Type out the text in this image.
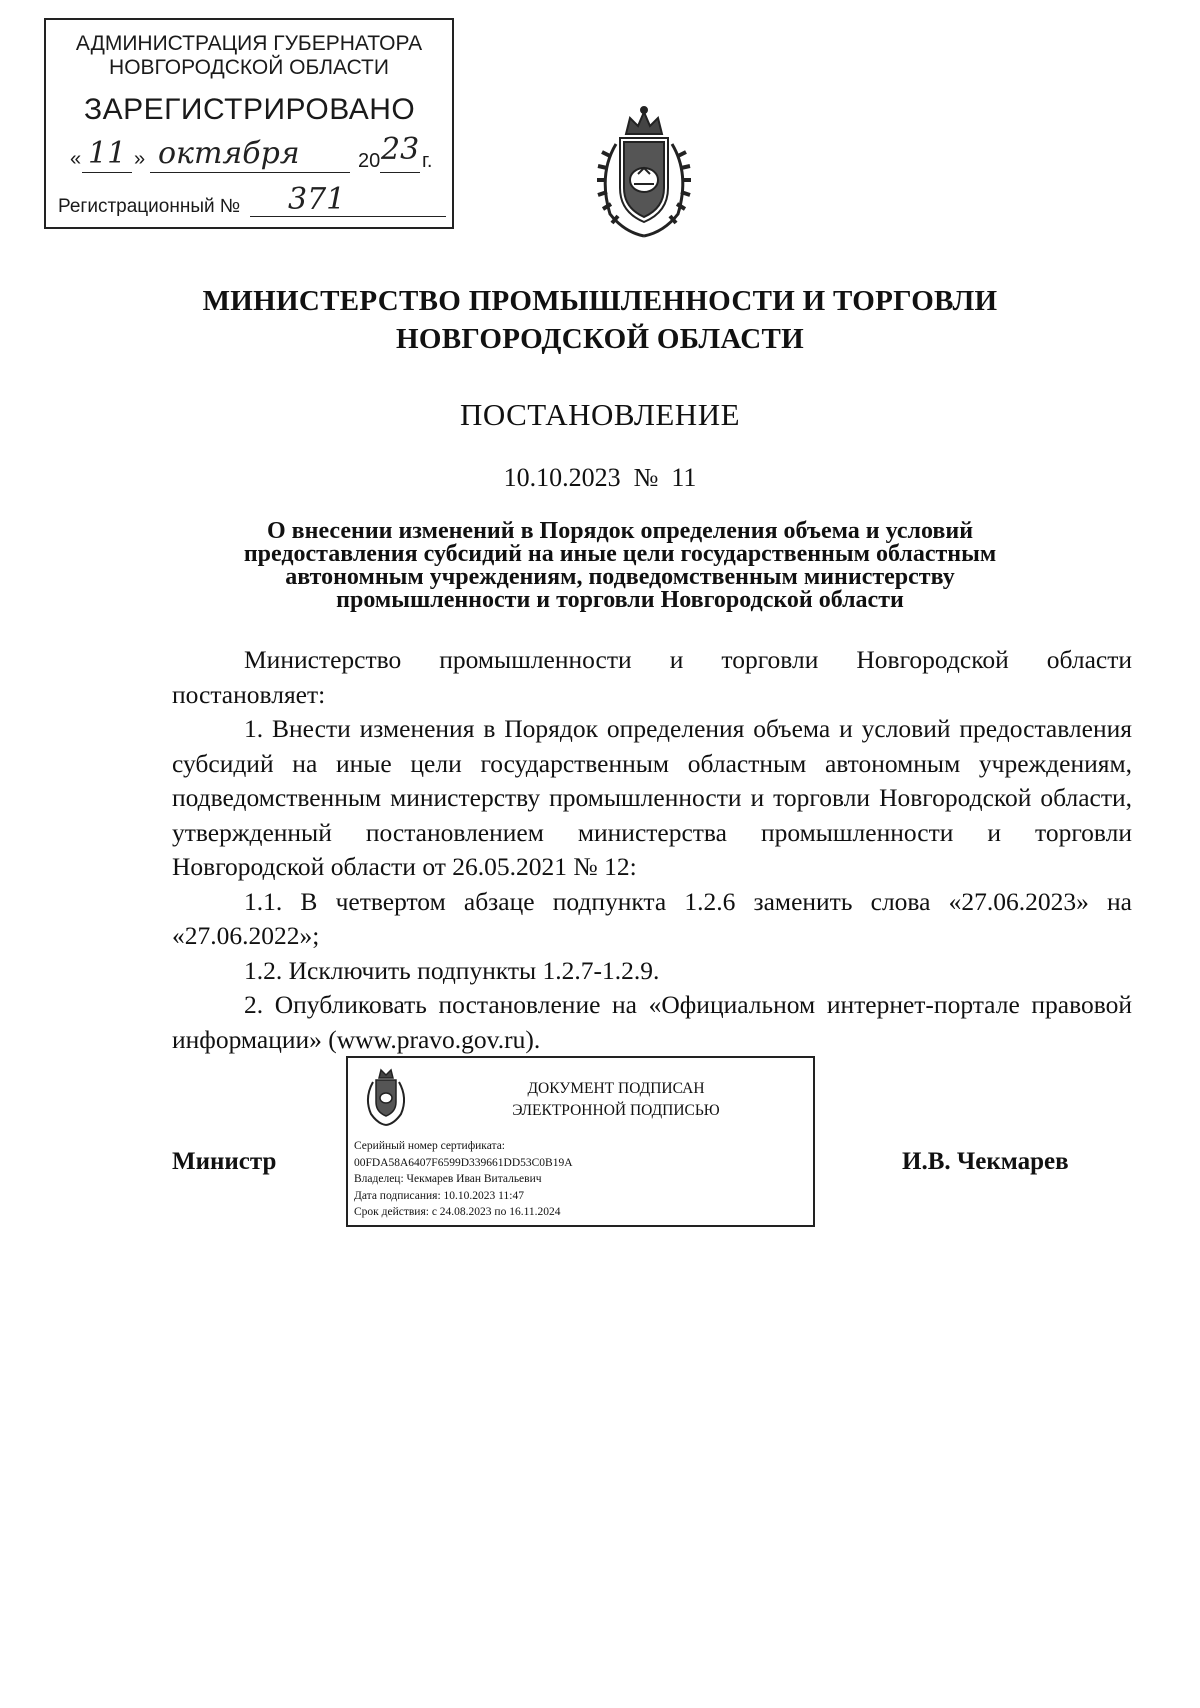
АДМИНИСТРАЦИЯ ГУБЕРНАТОРА
НОВГОРОДСКОЙ ОБЛАСТИ
ЗАРЕГИСТРИРОВАНО
« 11 » октября	20 23 г.
Регистрационный № 371
МИНИСТЕРСТВО ПРОМЫШЛЕННОСТИ И ТОРГОВЛИ
НОВГОРОДСКОЙ ОБЛАСТИ
ПОСТАНОВЛЕНИЕ
10.10.2023  №  11
О внесении изменений в Порядок определения объема и условий
предоставления субсидий на иные цели государственным областным
автономным учреждениям, подведомственным министерству
промышленности и торговли Новгородской области

Министерство промышленности и торговли Новгородской области постановляет:

1. Внести изменения в Порядок определения объема и условий предоставления субсидий на иные цели государственным областным автономным учреждениям, подведомственным министерству промышленности и торговли Новгородской области, утвержденный постановлением министерства промышленности и торговли Новгородской области от 26.05.2021 № 12:

1.1. В четвертом абзаце подпункта 1.2.6 заменить слова «27.06.2023» на «27.06.2022»;

1.2. Исключить подпункты 1.2.7-1.2.9.

2. Опубликовать постановление на «Официальном интернет-портале правовой информации» (www.pravo.gov.ru).

ДОКУМЕНТ ПОДПИСАН
ЭЛЕКТРОННОЙ ПОДПИСЬЮ
Серийный номер сертификата:
00FDA58A6407F6599D339661DD53C0B19A
Владелец: Чекмарев Иван Витальевич
Дата подписания: 10.10.2023 11:47
Срок действия: с 24.08.2023 по 16.11.2024
Министр	И.В. Чекмарев
